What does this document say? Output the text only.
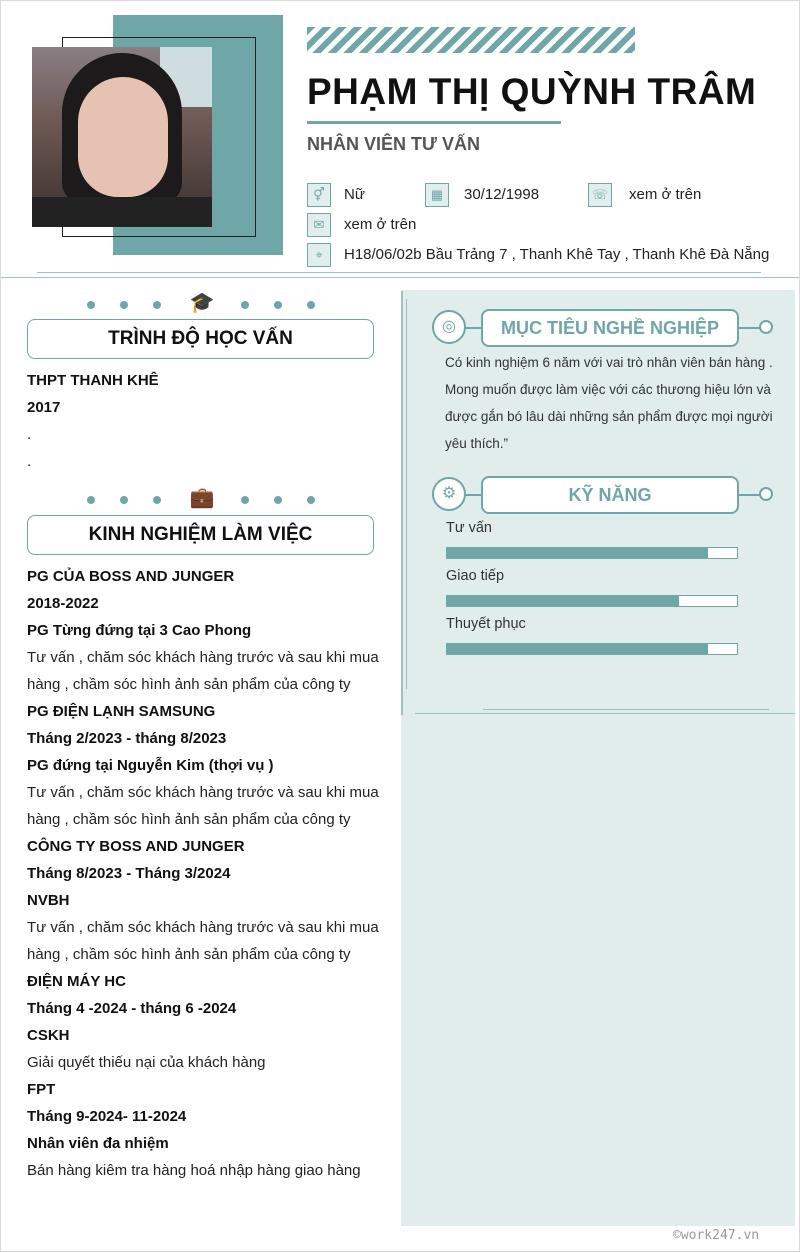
PHẠM THỊ QUỲNH TRÂM
NHÂN VIÊN TƯ VẤN
⚥	Nữ	▦	30/12/1998	☏ xem ở trên
✉	xem ở trên
⌖	H18/06/02b Bầu Trảng 7 , Thanh Khê Tay , Thanh Khê Đà Nẵng
🎓
TRÌNH ĐỘ HỌC VẤN
THPT THANH KHÊ
2017
.
.
💼
KINH NGHIỆM LÀM VIỆC
PG CỦA BOSS AND JUNGER
2018-2022
PG Từng đứng tại 3 Cao Phong
Tư vấn , chăm sóc khách hàng trước và sau khi mua
hàng , chầm sóc hình ảnh sản phẩm của công ty
PG ĐIỆN LẠNH SAMSUNG
Tháng 2/2023 - tháng 8/2023
PG đứng tại Nguyễn Kim (thợi vụ )
Tư vấn , chăm sóc khách hàng trước và sau khi mua
hàng , chầm sóc hình ảnh sản phẩm của công ty
CÔNG TY BOSS AND JUNGER
Tháng 8/2023 - Tháng 3/2024
NVBH
Tư vấn , chăm sóc khách hàng trước và sau khi mua
hàng , chầm sóc hình ảnh sản phẩm của công ty
ĐIỆN MÁY HC
Tháng 4 -2024 - tháng 6 -2024
CSKH
Giải quyết thiếu nại của khách hàng
FPT
Tháng 9-2024- 11-2024
Nhân viên đa nhiệm
Bán hàng kiêm tra hàng hoá nhập hàng giao hàng
◎	MỤC TIÊU NGHỀ NGHIỆP
Có kinh nghiệm 6 năm với vai trò nhân viên bán hàng . Mong muốn được làm việc với các thương hiệu lớn và được gắn bó lâu dài những sản phẩm được mọi người yêu thích.”
⚙	KỸ NĂNG
Tư vấn
Giao tiếp
Thuyết phục
©work247.vn
